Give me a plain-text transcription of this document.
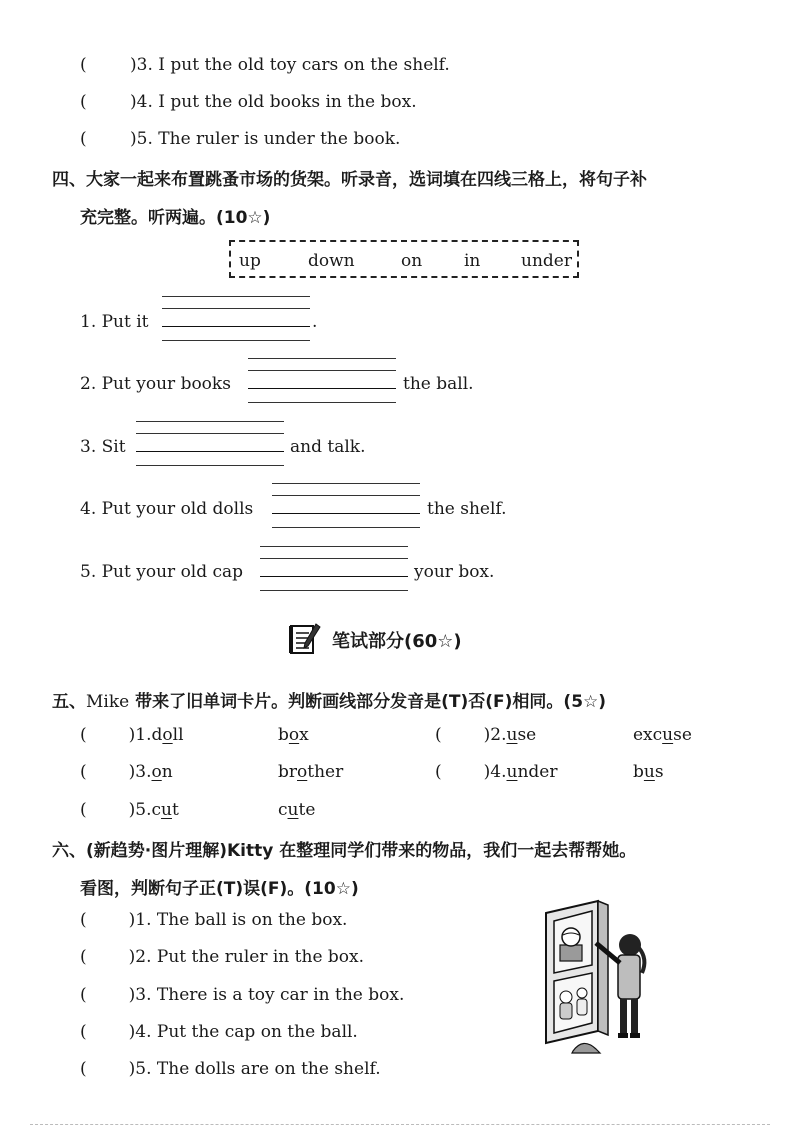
(	)3. I put the old toy cars on the shelf.
(	)4. I put the old books in the box.
(	)5. The ruler is under the book.
四、大家一起来布置跳蚤市场的货架。听录音，选词填在四线三格上，将句子补
充完整。听两遍。(10☆)
up	down	on in under
1. Put it	.
2. Put your books	the ball.
3. Sit	and talk.
4. Put your old dolls	the shelf.
5. Put your old cap	your box.
笔试部分(60☆)
五、Mike 带来了旧单词卡片。判断画线部分发音是(T)否(F)相同。(5☆)
( )1.doll	box	( )2.use	excuse
( )3.on	brother	( )4.under	bus
( )5.cut	cute
六、(新趋势·图片理解)Kitty 在整理同学们带来的物品，我们一起去帮帮她。
看图，判断句子正(T)误(F)。(10☆)
( )1. The ball is on the box.
( )2. Put the ruler in the box.
( )3. There is a toy car in the box.
( )4. Put the cap on the ball.
( )5. The dolls are on the shelf.
